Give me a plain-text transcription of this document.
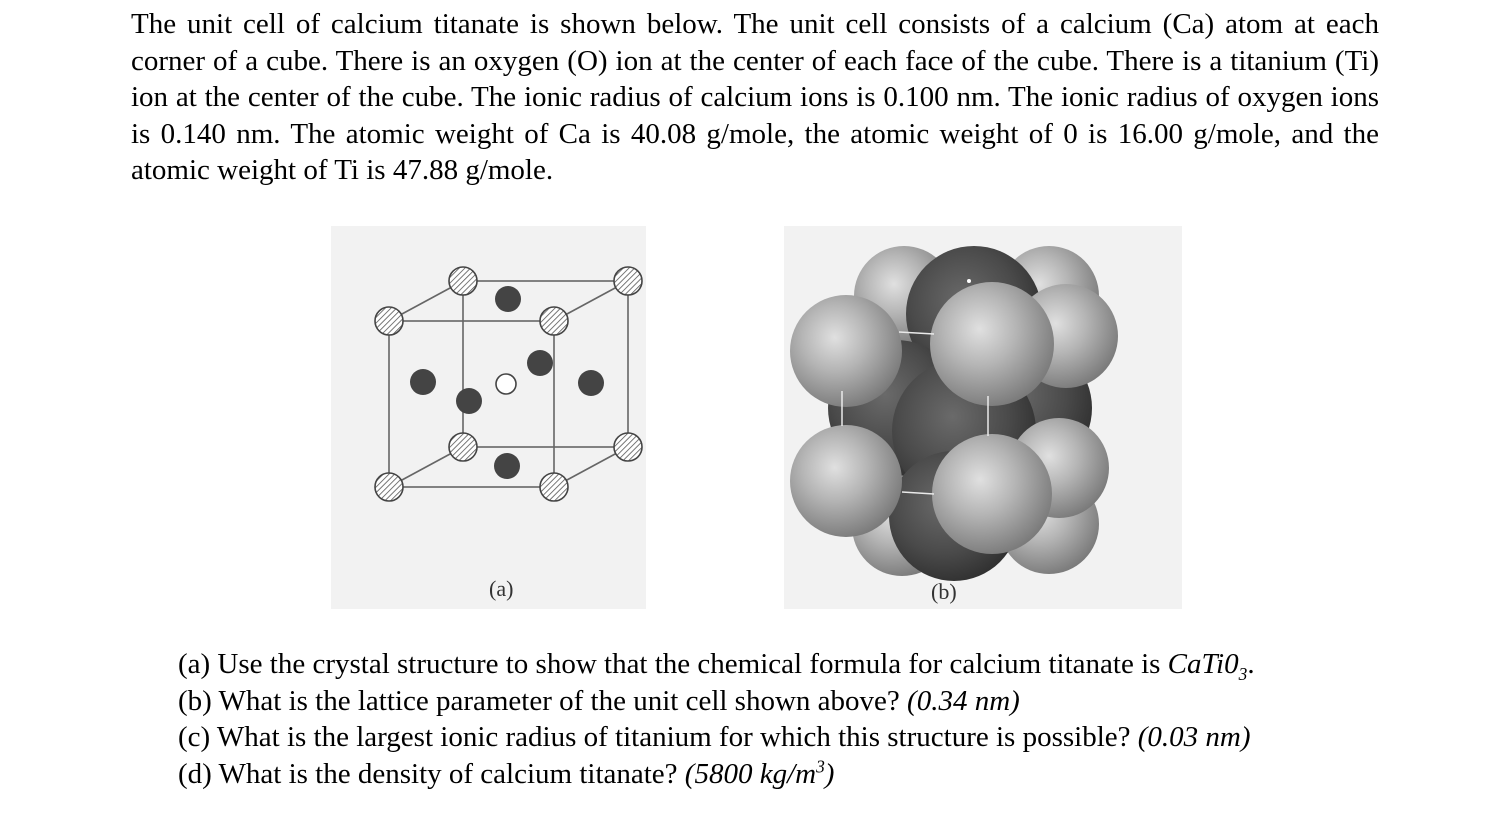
The unit cell of calcium titanate is shown below. The unit cell consists of a calcium (Ca) atom at each corner of a cube. There is an oxygen (O) ion at the center of each face of the cube. There is a titanium (Ti) ion at the center of the cube. The ionic radius of calcium ions is 0.100 nm. The ionic radius of oxygen ions is 0.140 nm. The atomic weight of Ca is 40.08 g/mole, the atomic weight of 0 is 16.00 g/mole, and the atomic weight of Ti is 47.88 g/mole.

(a)	(b)
(a) Use the crystal structure to show that the chemical formula for calcium titanate is $CaTi0_3$.
(b) What is the lattice parameter of the unit cell shown above? (0.34 nm)
(c) What is the largest ionic radius of titanium for which this structure is possible? (0.03 nm)
(d) What is the density of calcium titanate? (5800 $kg/m^3$)
